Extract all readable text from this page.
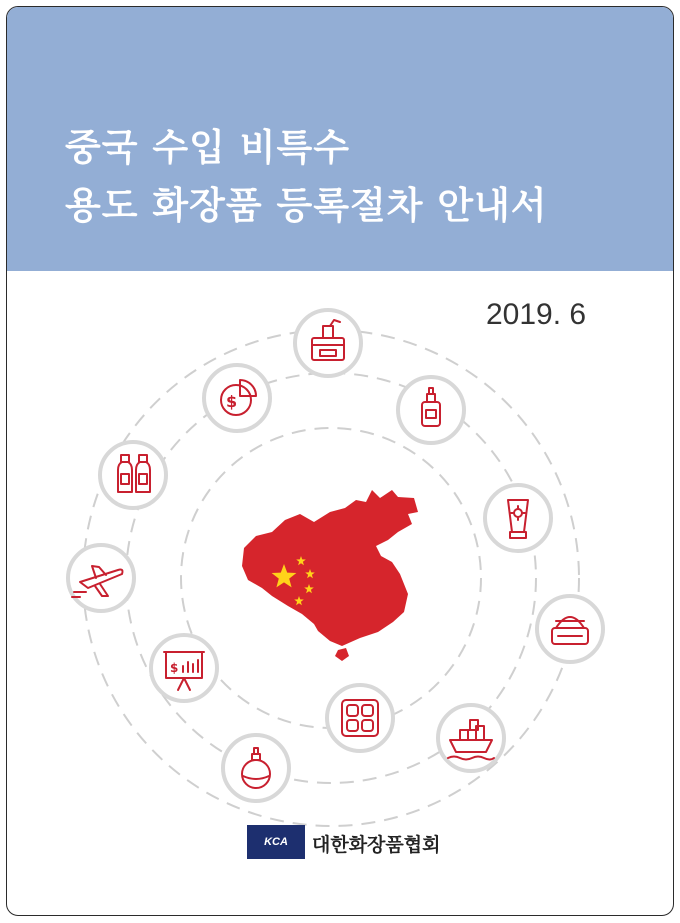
중국 수입 비특수
용도 화장품 등록절차 안내서
2019. 6
$
$
KCA 대한화장품협회
